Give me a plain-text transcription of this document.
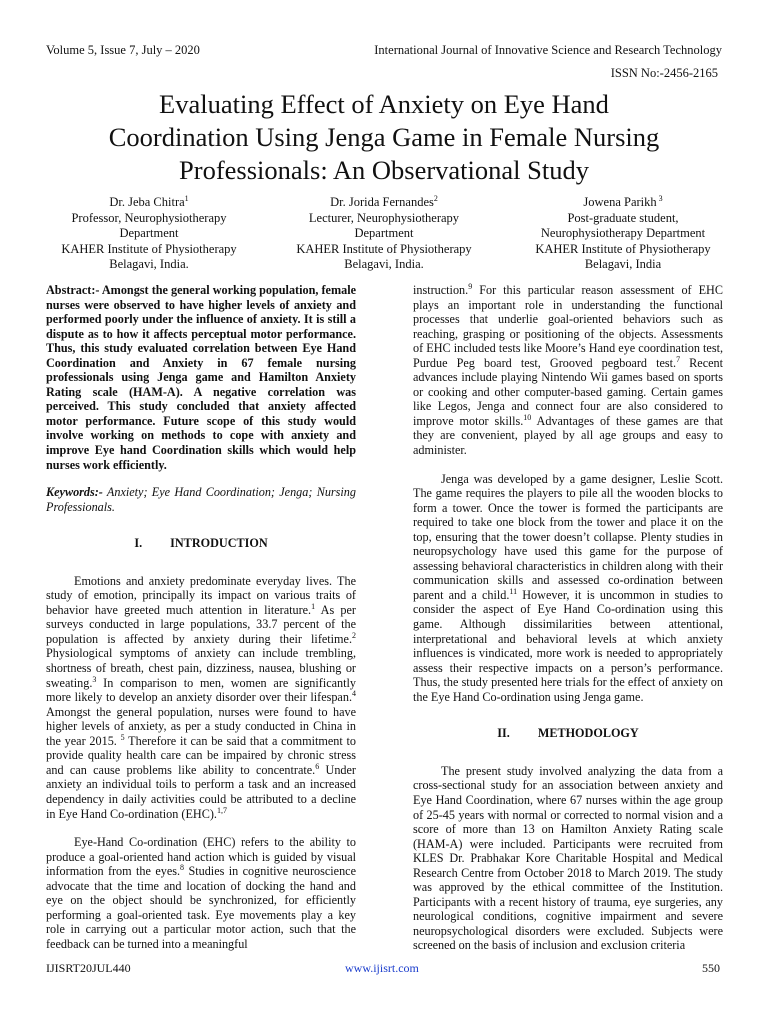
Volume 5, Issue 7, July – 2020	International Journal of Innovative Science and Research Technology
ISSN No:-2456-2165
Evaluating Effect of Anxiety on Eye Hand
Coordination Using Jenga Game in Female Nursing
Professionals: An Observational Study
Dr. Jeba Chitra$^1$
Professor, Neurophysiotherapy
Department
KAHER Institute of Physiotherapy
Belagavi, India.
Dr. Jorida Fernandes$^2$
Lecturer, Neurophysiotherapy
Department
KAHER Institute of Physiotherapy
Belagavi, India.
Jowena Parikh $^3$
Post-graduate student,
Neurophysiotherapy Department
KAHER Institute of Physiotherapy
Belagavi, India

Abstract:- Amongst the general working population, female nurses were observed to have higher levels of anxiety and performed poorly under the influence of anxiety. It is still a dispute as to how it affects perceptual motor performance. Thus, this study evaluated correlation between Eye Hand Coordination and Anxiety in 67 female nursing professionals using Jenga game and Hamilton Anxiety Rating scale (HAM-A). A negative correlation was perceived. This study concluded that anxiety affected motor performance. Future scope of this study would involve working on methods to cope with anxiety and improve Eye hand Coordination skills which would help nurses work efficiently.

Keywords:- Anxiety; Eye Hand Coordination; Jenga; Nursing Professionals.

I. INTRODUCTION

Emotions and anxiety predominate everyday lives. The study of emotion, principally its impact on various traits of behavior have greeted much attention in literature.$^1$ As per surveys conducted in large populations, 33.7 percent of the population is affected by anxiety during their lifetime.$^2$ Physiological symptoms of anxiety can include trembling, shortness of breath, chest pain, dizziness, nausea, blushing or sweating.$^3$ In comparison to men, women are significantly more likely to develop an anxiety disorder over their lifespan.$^4$ Amongst the general population, nurses were found to have higher levels of anxiety, as per a study conducted in China in the year 2015. $^5$ Therefore it can be said that a commitment to provide quality health care can be impaired by chronic stress and can cause problems like ability to concentrate.$^6$ Under anxiety an individual toils to perform a task and an increased dependency in daily activities could be attributed to a decline in Eye Hand Co-ordination (EHC).$^{1,7}$

Eye-Hand Co-ordination (EHC) refers to the ability to produce a goal-oriented hand action which is guided by visual information from the eyes.$^8$ Studies in cognitive neuroscience advocate that the time and location of docking the hand and eye on the object should be synchronized, for efficiently performing a goal-oriented task. Eye movements play a key role in carrying out a particular motor action, such that the feedback can be turned into a meaningful

instruction.$^9$ For this particular reason assessment of EHC plays an important role in understanding the functional processes that underlie goal-oriented behaviors such as reaching, grasping or positioning of the objects. Assessments of EHC included tests like Moore’s Hand eye coordination test, Purdue Peg board test, Grooved pegboard test.$^7$ Recent advances include playing Nintendo Wii games based on sports or cooking and other computer-based gaming. Certain games like Legos, Jenga and connect four are also considered to improve motor skills.$^{10}$ Advantages of these games are that they are convenient, played by all age groups and easy to administer.

Jenga was developed by a game designer, Leslie Scott. The game requires the players to pile all the wooden blocks to form a tower. Once the tower is formed the participants are required to take one block from the tower and place it on the top, ensuring that the tower doesn’t collapse. Plenty studies in neuropsychology have used this game for the purpose of assessing behavioral characteristics in children along with their communication skills and assessed co-ordination between parent and a child.$^{11}$ However, it is uncommon in studies to consider the aspect of Eye Hand Co-ordination using this game. Although dissimilarities between attentional, interpretational and behavioral levels at which anxiety influences is vindicated, more work is needed to appropriately assess their respective impacts on a person’s performance. Thus, the study presented here trials for the effect of anxiety on the Eye Hand Co-ordination using Jenga game.

II. METHODOLOGY

The present study involved analyzing the data from a cross-sectional study for an association between anxiety and Eye Hand Coordination, where 67 nurses within the age group of 25-45 years with normal or corrected to normal vision and a score of more than 13 on Hamilton Anxiety Rating scale (HAM-A) were included. Participants were recruited from KLES Dr. Prabhakar Kore Charitable Hospital and Medical Research Centre from October 2018 to March 2019. The study was approved by the ethical committee of the Institution. Participants with a recent history of trauma, eye surgeries, any neurological conditions, cognitive impairment and severe neuropsychological disorders were excluded. Subjects were screened on the basis of inclusion and exclusion criteria

IJISRT20JUL440	www.ijisrt.com	550
